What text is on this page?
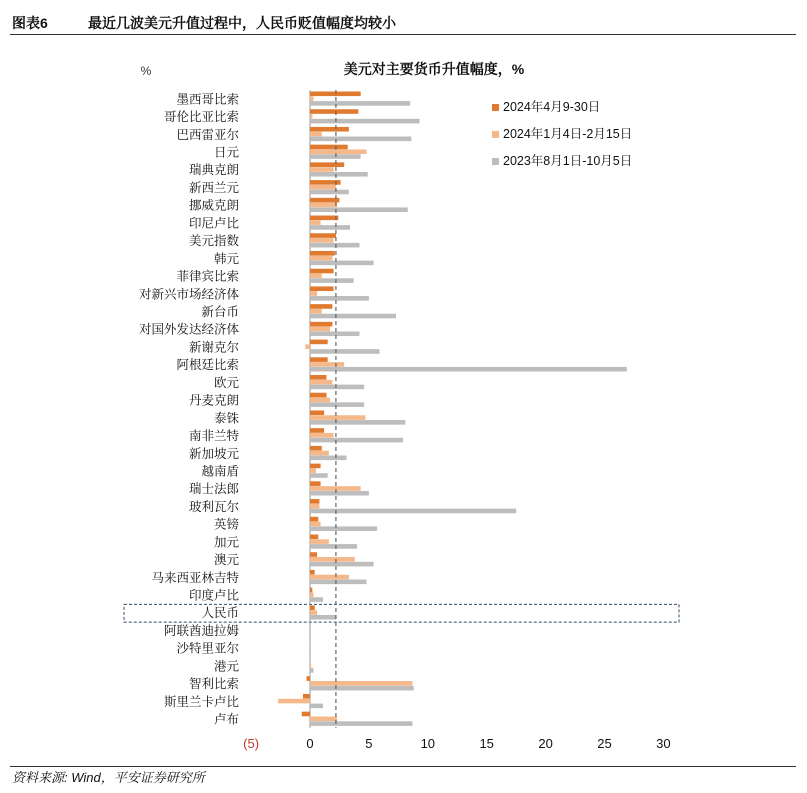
图表6	最近几波美元升值过程中，人民币贬值幅度均较小
美元对主要货币升值幅度，%
%
墨西哥比索
哥伦比亚比索
巴西雷亚尔
日元
瑞典克朗
新西兰元
挪威克朗
印尼卢比
美元指数
韩元
菲律宾比索
对新兴市场经济体
新台币
对国外发达经济体
新谢克尔
阿根廷比索
欧元
丹麦克朗
泰铢
南非兰特
新加坡元
越南盾
瑞士法郎
玻利瓦尔
英镑
加元
澳元
马来西亚林吉特
印度卢比
人民币
阿联酋迪拉姆
沙特里亚尔
港元
智利比索
斯里兰卡卢比
卢布
(5)	0	5	10	15	20	25	30
2024年4月9-30日
2024年1月4日-2月15日
2023年8月1日-10月5日
资料来源: Wind，平安证券研究所
